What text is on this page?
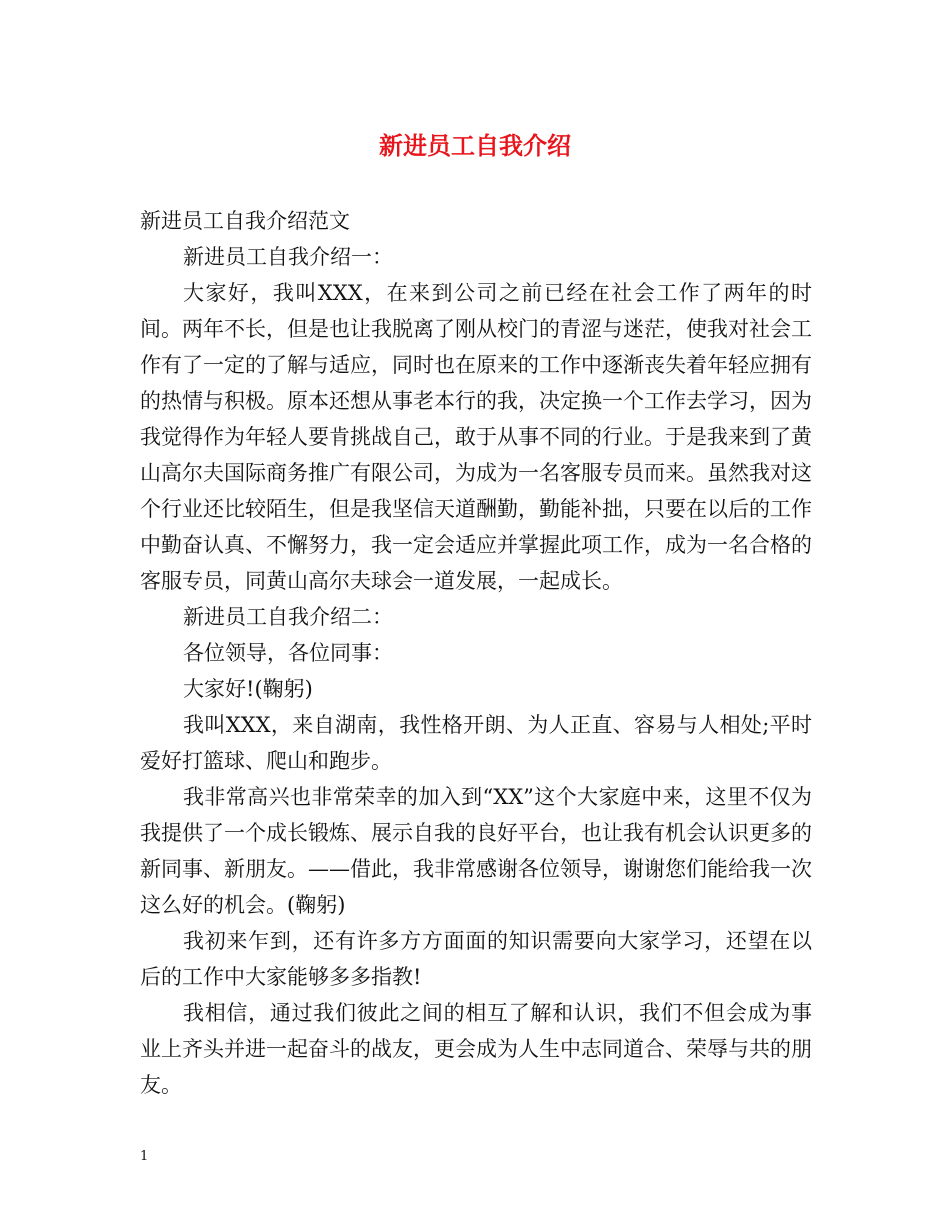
新进员工自我介绍

新进员工自我介绍范文

新进员工自我介绍一：

大家好，我叫XXX，在来到公司之前已经在社会工作了两年的时间。两年不长，但是也让我脱离了刚从校门的青涩与迷茫，使我对社会工作有了一定的了解与适应，同时也在原来的工作中逐渐丧失着年轻应拥有的热情与积极。原本还想从事老本行的我，决定换一个工作去学习，因为我觉得作为年轻人要肯挑战自己，敢于从事不同的行业。于是我来到了黄山高尔夫国际商务推广有限公司，为成为一名客服专员而来。虽然我对这个行业还比较陌生，但是我坚信天道酬勤，勤能补拙，只要在以后的工作中勤奋认真、不懈努力，我一定会适应并掌握此项工作，成为一名合格的客服专员，同黄山高尔夫球会一道发展，一起成长。

新进员工自我介绍二：

各位领导，各位同事：

大家好!(鞠躬)

我叫XXX，来自湖南，我性格开朗、为人正直、容易与人相处;平时爱好打篮球、爬山和跑步。

我非常高兴也非常荣幸的加入到“XX”这个大家庭中来，这里不仅为我提供了一个成长锻炼、展示自我的良好平台，也让我有机会认识更多的新同事、新朋友。——借此，我非常感谢各位领导，谢谢您们能给我一次这么好的机会。(鞠躬)

我初来乍到，还有许多方方面面的知识需要向大家学习，还望在以后的工作中大家能够多多指教!

我相信，通过我们彼此之间的相互了解和认识，我们不但会成为事业上齐头并进一起奋斗的战友，更会成为人生中志同道合、荣辱与共的朋友。

1
